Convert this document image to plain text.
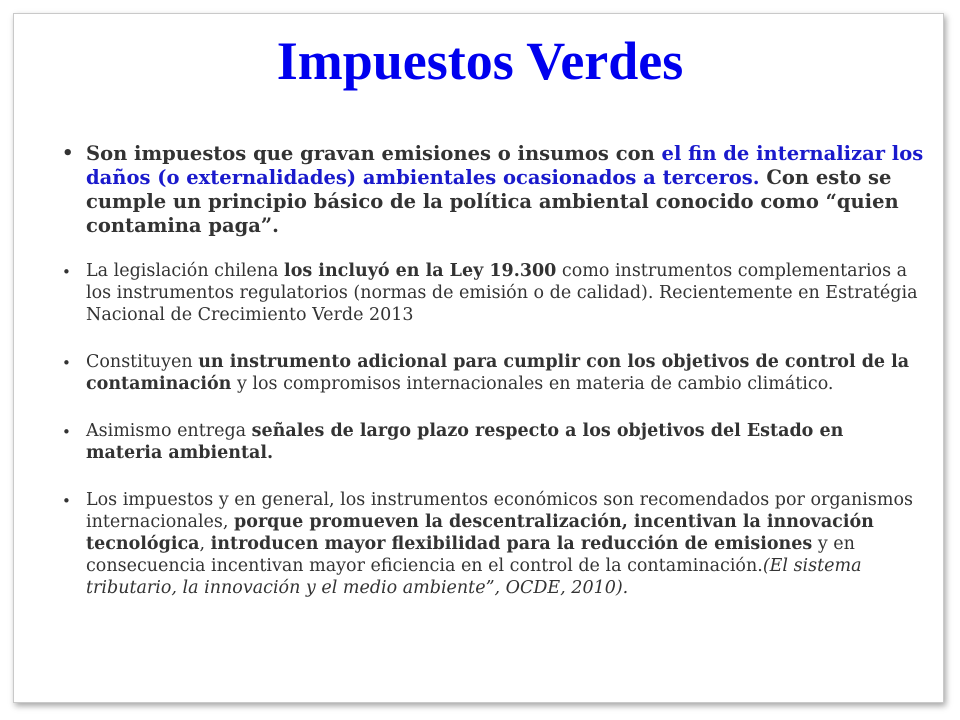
Impuestos Verdes
• Son impuestos que gravan emisiones o insumos con el fin de internalizar los daños (o externalidades) ambientales ocasionados a terceros. Con esto se cumple un principio básico de la política ambiental conocido como “quien contamina paga”.
• La legislación chilena los incluyó en la Ley 19.300 como instrumentos complementarios a los instrumentos regulatorios (normas de emisión o de calidad). Recientemente en Estratégia Nacional de Crecimiento Verde 2013
• Constituyen un instrumento adicional para cumplir con los objetivos de control de la contaminación y los compromisos internacionales en materia de cambio climático.
• Asimismo entrega señales de largo plazo respecto a los objetivos del Estado en materia ambiental.
• Los impuestos y en general, los instrumentos económicos son recomendados por organismos internacionales, porque promueven la descentralización, incentivan la innovación tecnológica, introducen mayor flexibilidad para la reducción de emisiones y en consecuencia incentivan mayor eficiencia en el control de la contaminación.(El sistema tributario, la innovación y el medio ambiente”, OCDE, 2010).
